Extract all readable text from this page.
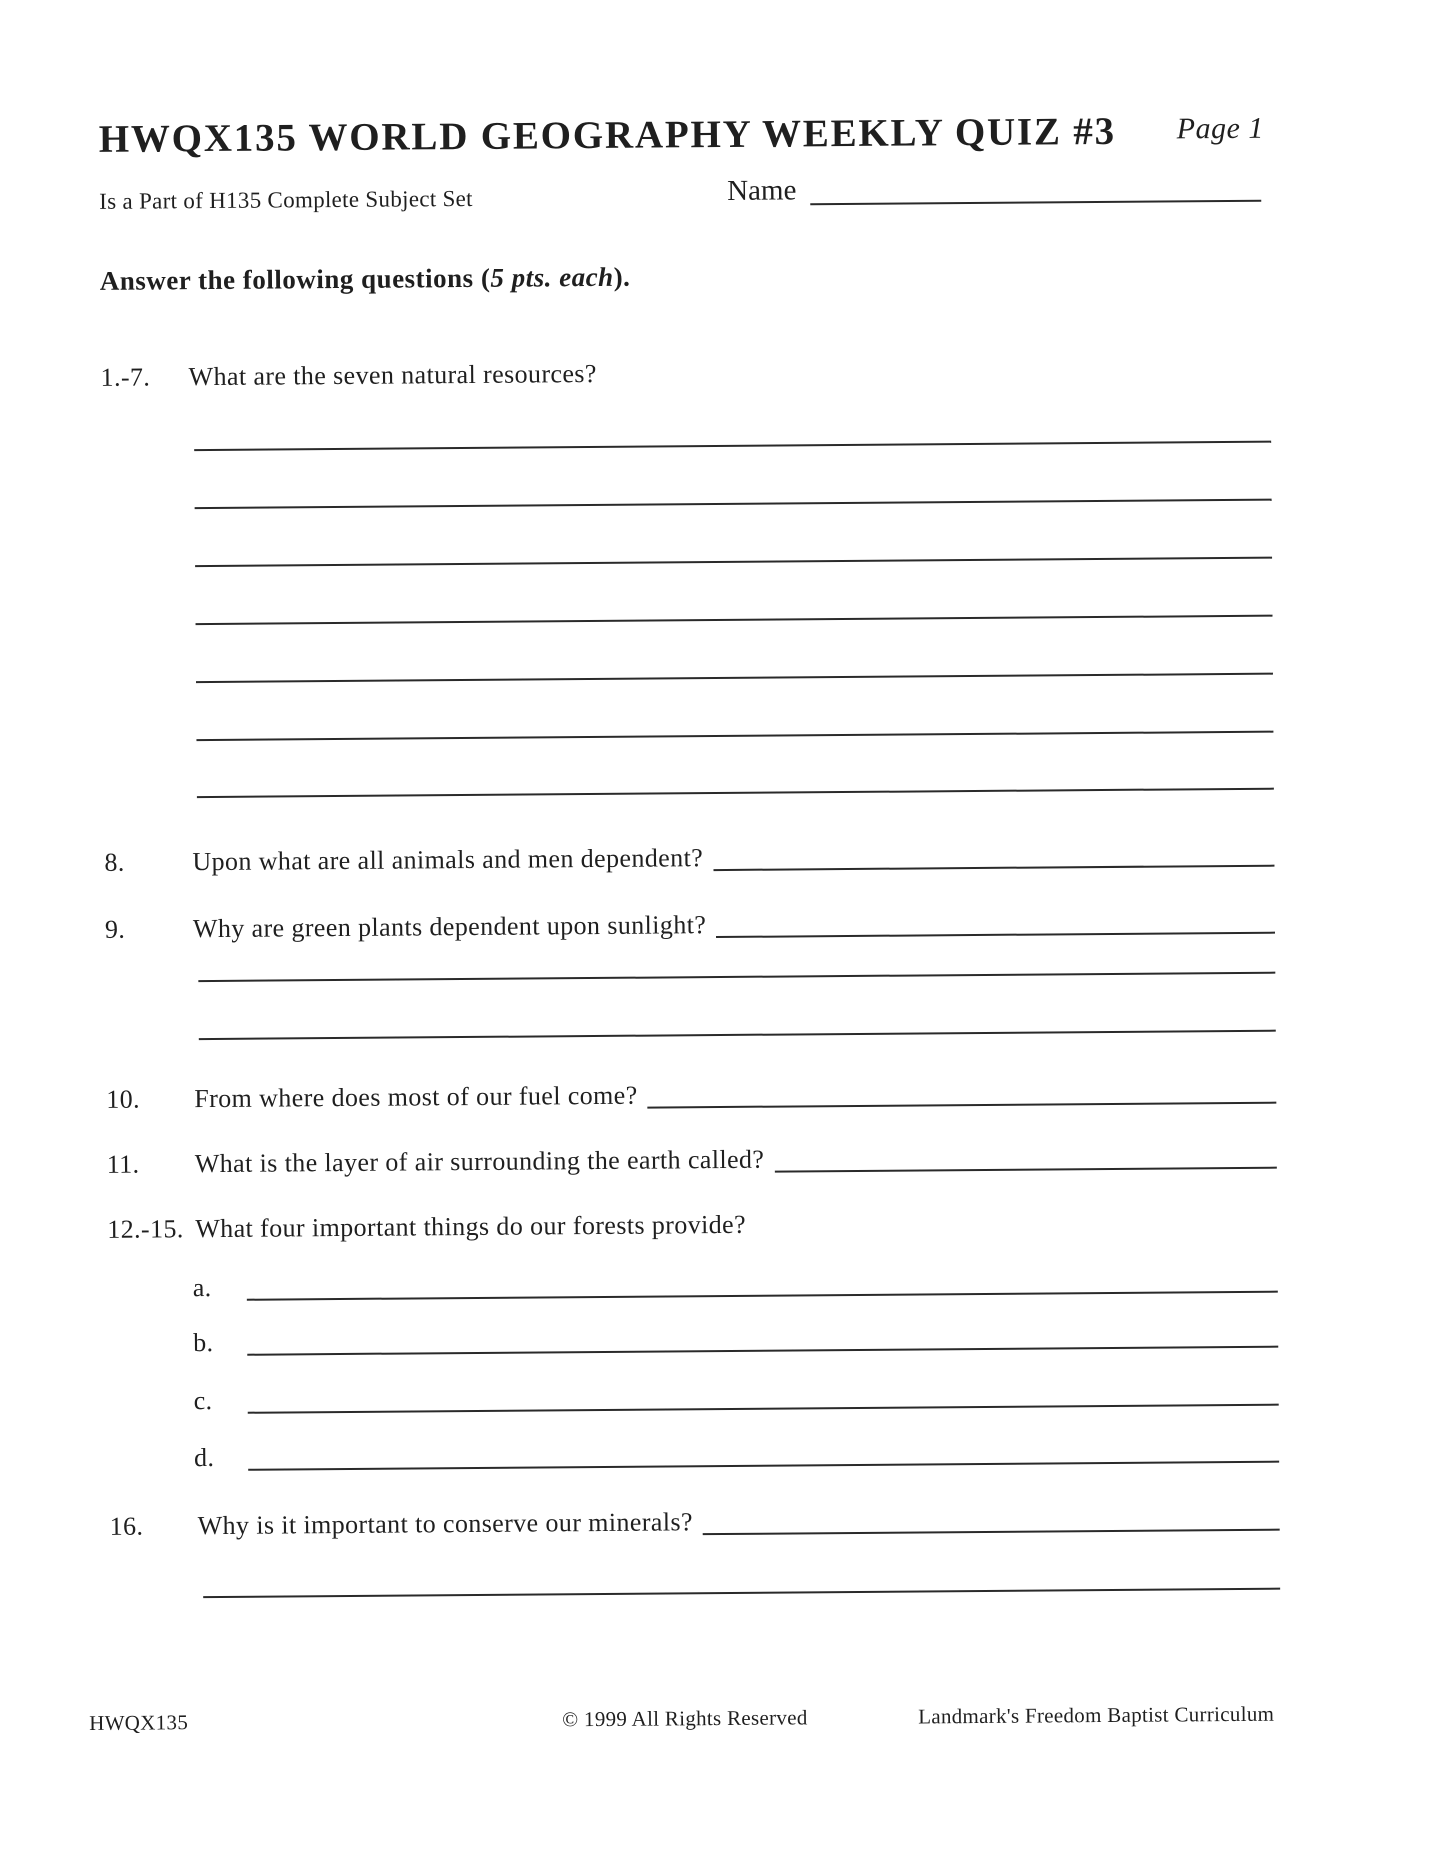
HWQX135 WORLD GEOGRAPHY WEEKLY QUIZ #3 Page 1
Is a Part of H135 Complete Subject Set	Name
Answer the following questions (5 pts. each).
1.-7.	What are the seven natural resources?
8.	Upon what are all animals and men dependent?
9.	Why are green plants dependent upon sunlight?
10.	From where does most of our fuel come?
11.	What is the layer of air surrounding the earth called?
12.-15. What four important things do our forests provide?
a.
b.
c.
d.
16.	Why is it important to conserve our minerals?
HWQX135	© 1999 All Rights Reserved	Landmark's Freedom Baptist Curriculum
